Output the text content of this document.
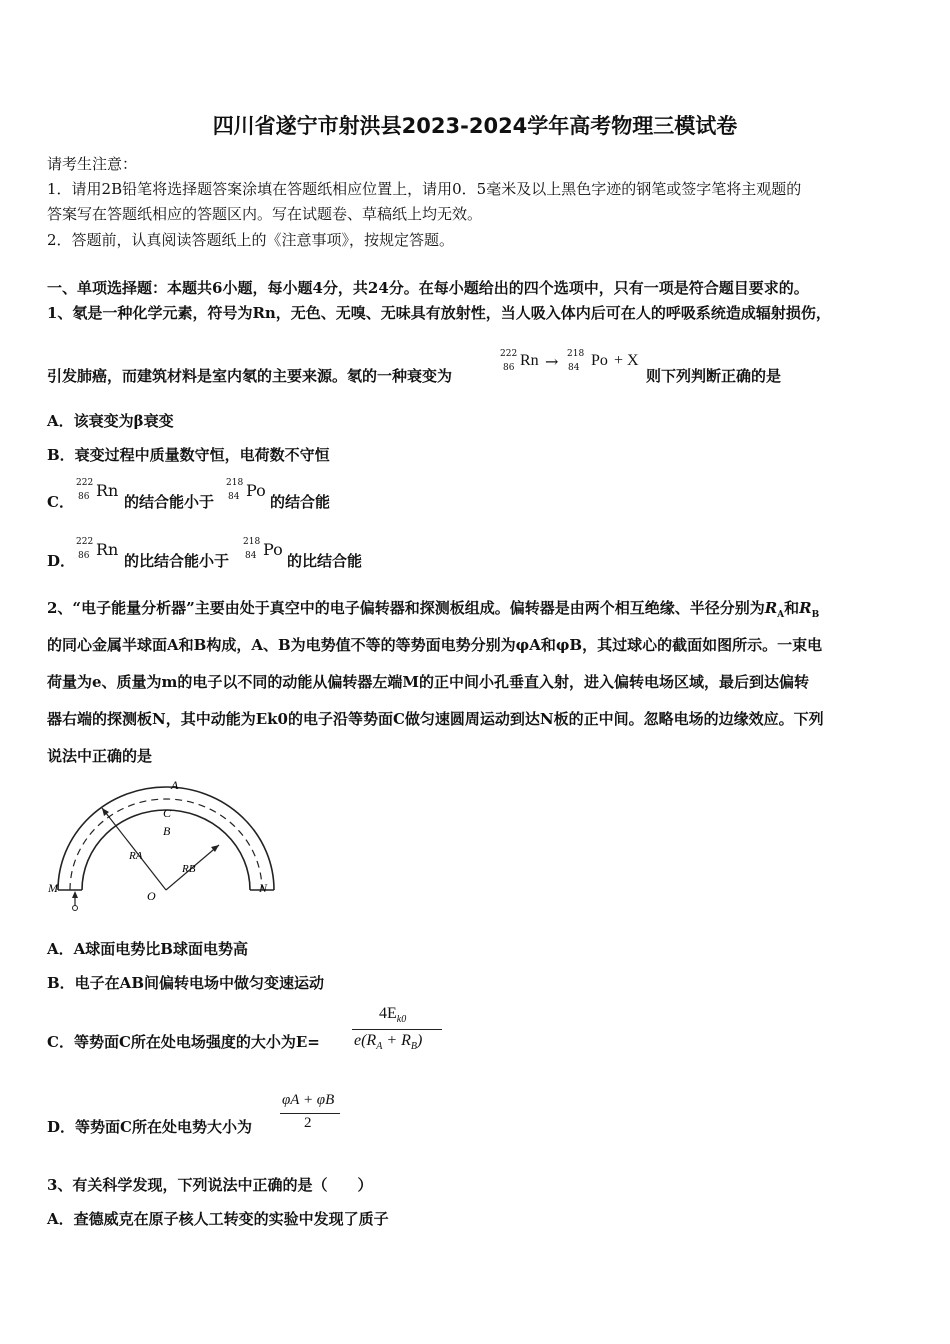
四川省遂宁市射洪县2023-2024学年高考物理三模试卷
请考生注意：
1．请用2B铅笔将选择题答案涂填在答题纸相应位置上，请用0．5毫米及以上黑色字迹的钢笔或签字笔将主观题的
答案写在答题纸相应的答题区内。写在试题卷、草稿纸上均无效。
2．答题前，认真阅读答题纸上的《注意事项》，按规定答题。
一、单项选择题：本题共6小题，每小题4分，共24分。在每小题给出的四个选项中，只有一项是符合题目要求的。
1、氡是一种化学元素，符号为Rn，无色、无嗅、无味具有放射性，当人吸入体内后可在人的呼吸系统造成辐射损伤，
引发肺癌，而建筑材料是室内氡的主要来源。氡的一种衰变为
222
86 Rn → 218
84 Po + X
则下列判断正确的是
A．该衰变为β衰变
B．衰变过程中质量数守恒，电荷数不守恒
C．
222
86 Rn
的结合能小于
218
84 Po
的结合能
D．
222
86 Rn
的比结合能小于
218
84 Po
的比结合能
2、“电子能量分析器”主要由处于真空中的电子偏转器和探测板组成。偏转器是由两个相互绝缘、半径分别为$R_A$和$R_B$
的同心金属半球面A和B构成，A、B为电势值不等的等势面电势分别为φA和φB，其过球心的截面如图所示。一束电
荷量为e、质量为m的电子以不同的动能从偏转器左端M的正中间小孔垂直入射，进入偏转电场区域，最后到达偏转
器右端的探测板N，其中动能为Ek0的电子沿等势面C做匀速圆周运动到达N板的正中间。忽略电场的边缘效应。下列
说法中正确的是
A
C
B
RA
RB
O
M	N
A．A球面电势比B球面电势高
B．电子在AB间偏转电场中做匀变速运动
C．等势面C所在处电场强度的大小为E=
$4E_{k0}$
$e(R_A + R_B)$
D．等势面C所在处电势大小为
φA + φB
2
3、有关科学发现，下列说法中正确的是（　　）
A．查德威克在原子核人工转变的实验中发现了质子
